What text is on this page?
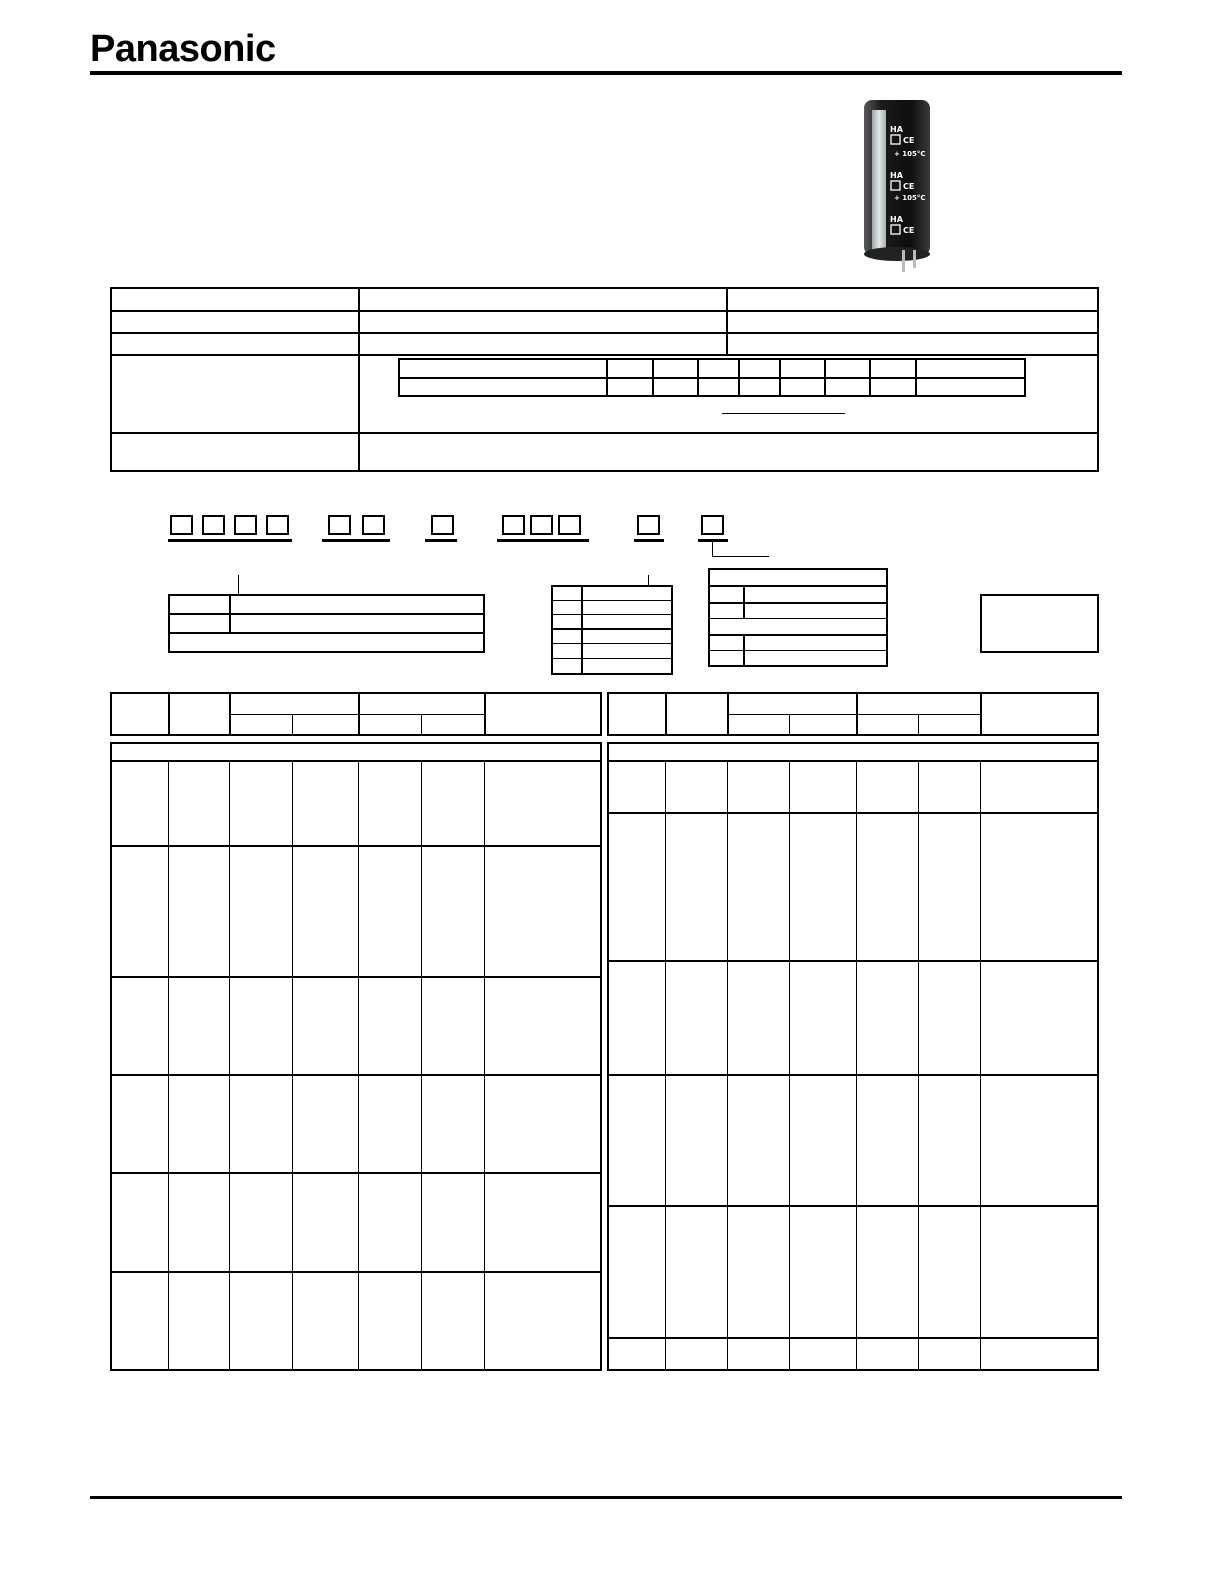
Panasonic
HA
CE
+ 105°C
HA
CE
+ 105°C
HA
CE
